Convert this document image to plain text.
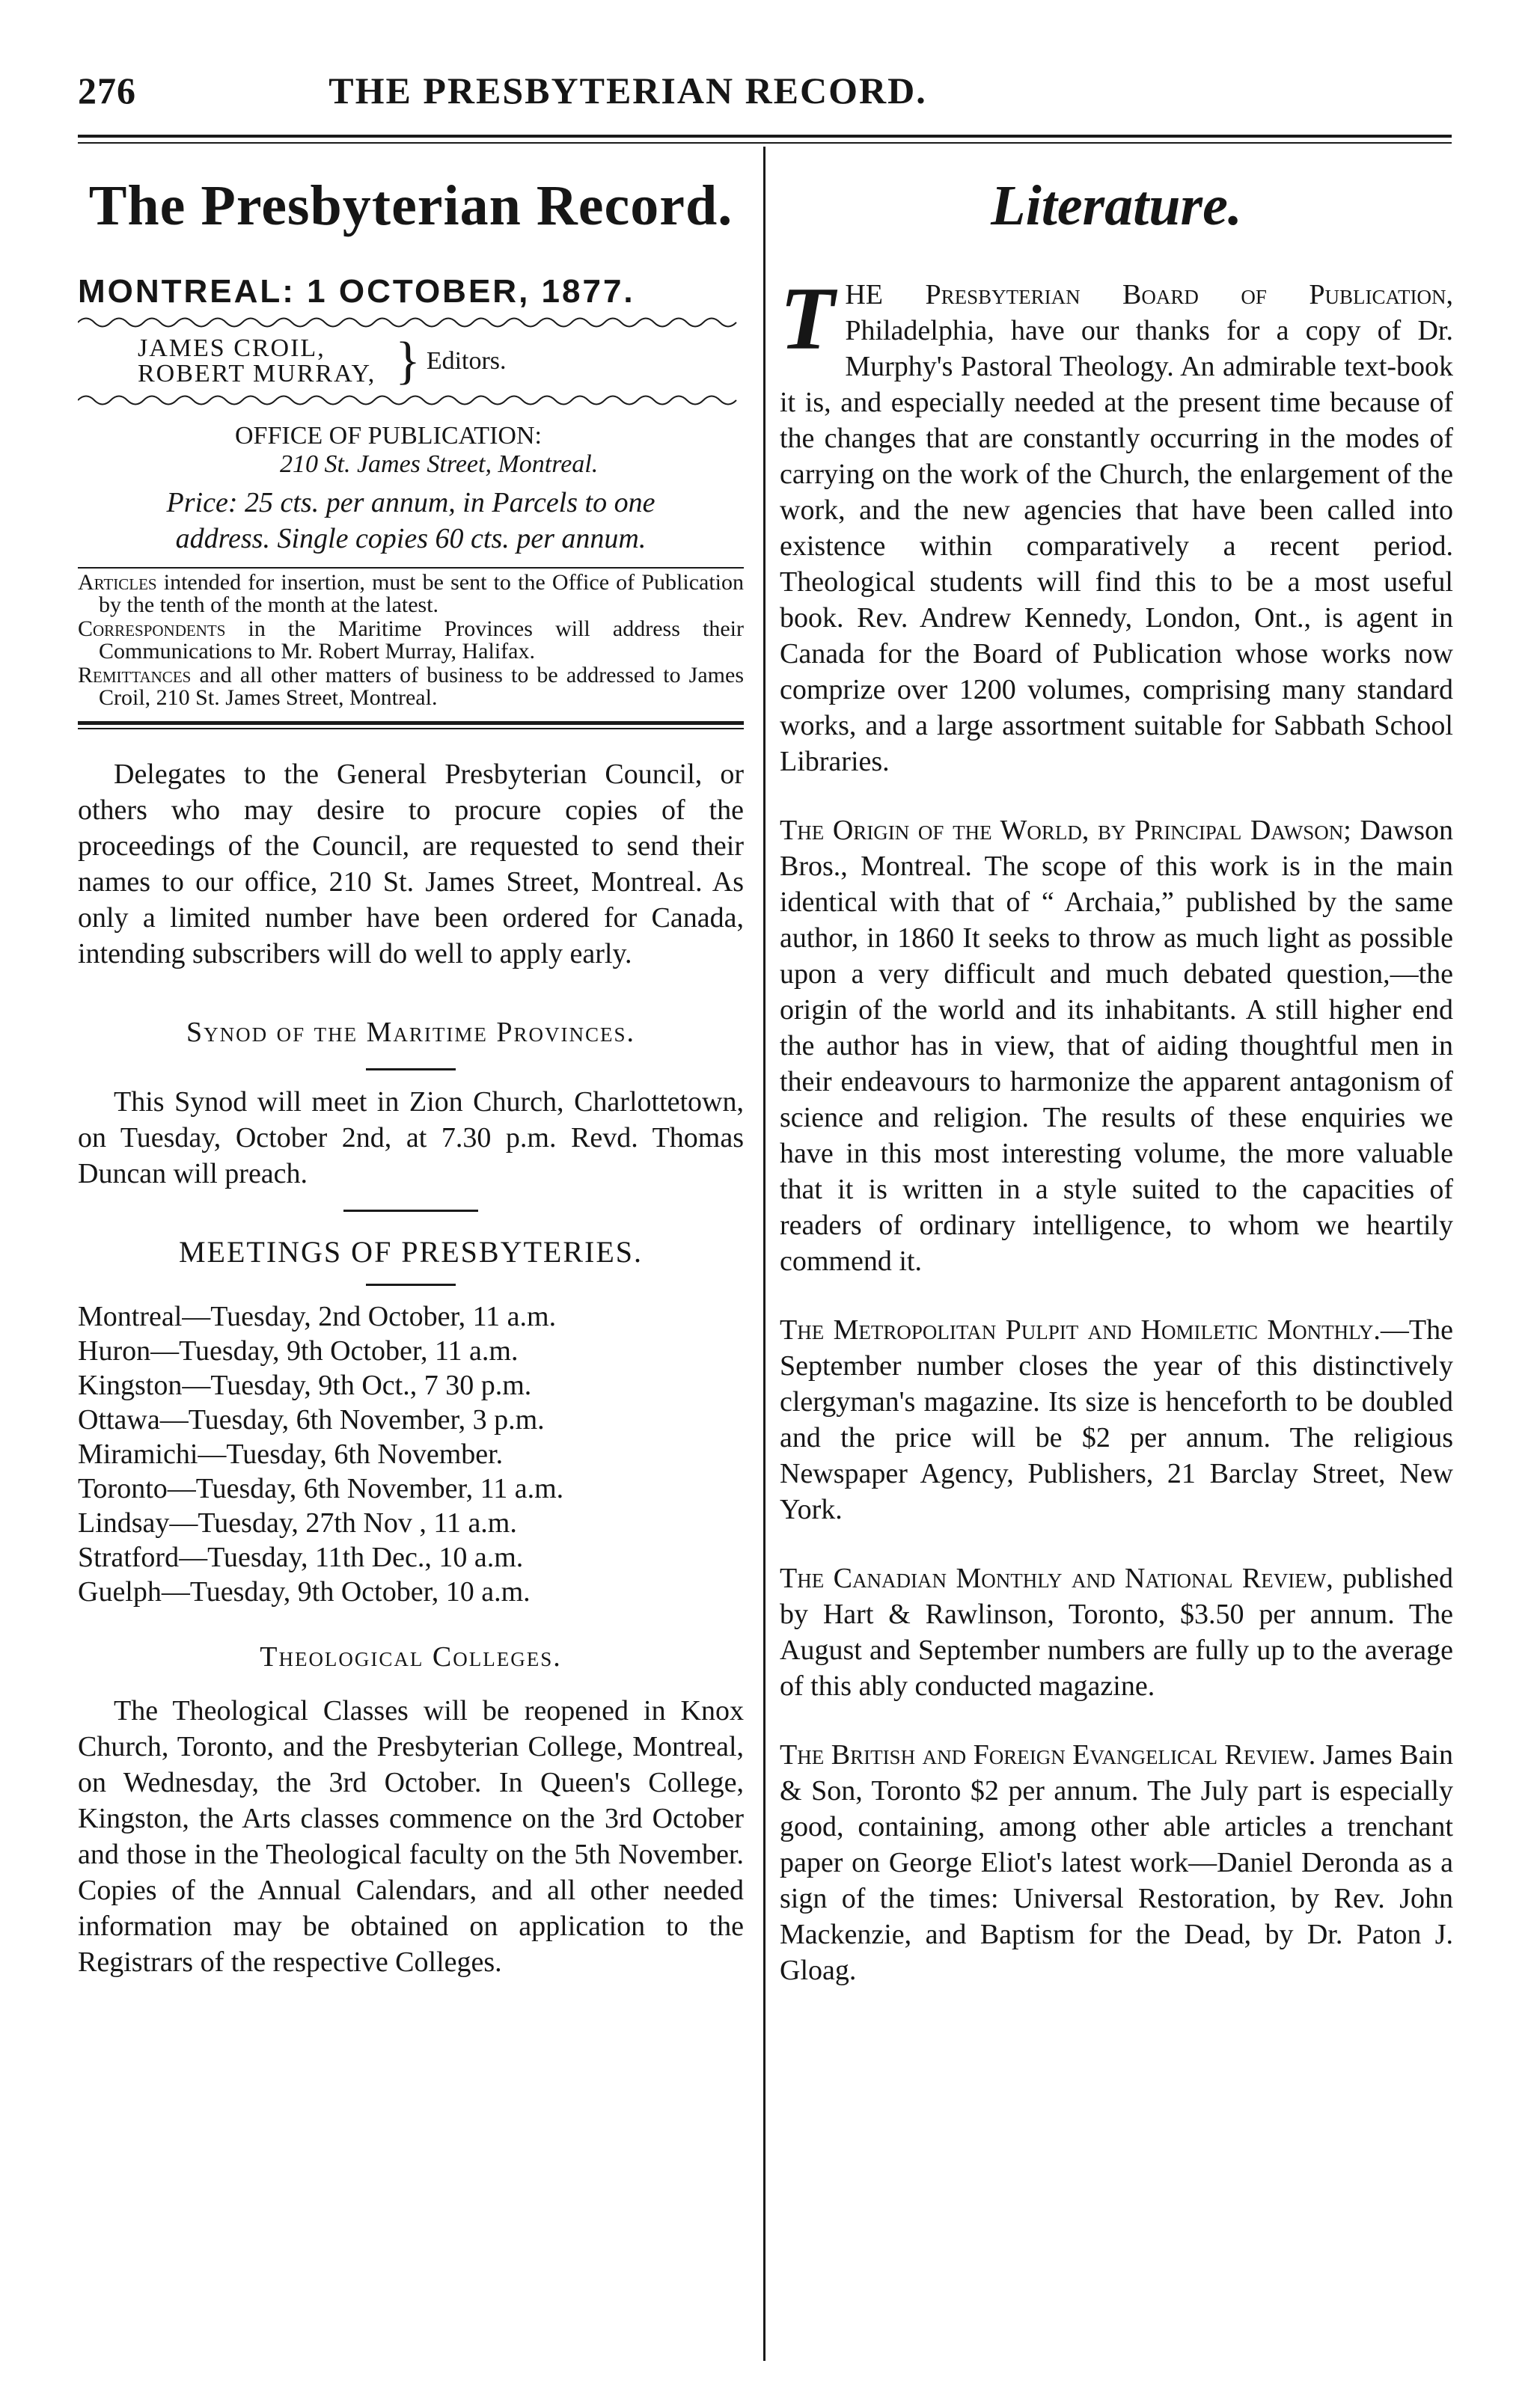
276	THE PRESBYTERIAN RECORD.
The Presbyterian Record.
MONTREAL: 1 OCTOBER, 1877.
JAMES CROIL,
ROBERT MURRAY, } Editors.
OFFICE OF PUBLICATION:
210 St. James Street, Montreal.
Price: 25 cts. per annum, in Parcels to one
address. Single copies 60 cts. per annum.

Articles intended for insertion, must be sent to the Office of Publication by the tenth of the month at the latest.

Correspondents in the Maritime Provinces will address their Communications to Mr. Robert Murray, Halifax.

Remittances and all other matters of business to be addressed to James Croil, 210 St. James Street, Montreal.

Delegates to the General Presbyterian Council, or others who may desire to procure copies of the proceedings of the Council, are requested to send their names to our office, 210 St. James Street, Montreal. As only a limited number have been ordered for Canada, intending subscribers will do well to apply early.

Synod of the Maritime Provinces.

This Synod will meet in Zion Church, Charlottetown, on Tuesday, October 2nd, at 7.30 p.m. Revd. Thomas Duncan will preach.

MEETINGS OF PRESBYTERIES.
Montreal—Tuesday, 2nd October, 11 a.m.
Huron—Tuesday, 9th October, 11 a.m.
Kingston—Tuesday, 9th Oct., 7 30 p.m.
Ottawa—Tuesday, 6th November, 3 p.m.
Miramichi—Tuesday, 6th November.
Toronto—Tuesday, 6th November, 11 a.m.
Lindsay—Tuesday, 27th Nov , 11 a.m.
Stratford—Tuesday, 11th Dec., 10 a.m.
Guelph—Tuesday, 9th October, 10 a.m.
Theological Colleges.

The Theological Classes will be reopened in Knox Church, Toronto, and the Presbyterian College, Montreal, on Wednesday, the 3rd October. In Queen's College, Kingston, the Arts classes commence on the 3rd October and those in the Theological faculty on the 5th November. Copies of the Annual Calendars, and all other needed information may be obtained on application to the Registrars of the respective Colleges.

Literature.
T HE Presbyterian Board of Publication, Philadelphia, have our thanks for a copy of Dr. Murphy's Pastoral Theology. An admirable text-book it is, and especially needed at the present time because of the changes that are constantly occurring in the modes of carrying on the work of the Church, the enlargement of the work, and the new agencies that have been called into existence within comparatively a recent period. Theological students will find this to be a most useful book. Rev. Andrew Kennedy, London, Ont., is agent in Canada for the Board of Publication whose works now comprize over 1200 volumes, comprising many standard works, and a large assortment suitable for Sabbath School Libraries.

The Origin of the World, by Principal Dawson; Dawson Bros., Montreal. The scope of this work is in the main identical with that of “ Archaia,” published by the same author, in 1860 It seeks to throw as much light as possible upon a very difficult and much debated question,—the origin of the world and its inhabitants. A still higher end the author has in view, that of aiding thoughtful men in their endeavours to harmonize the apparent antagonism of science and religion. The results of these enquiries we have in this most interesting volume, the more valuable that it is written in a style suited to the capacities of readers of ordinary intelligence, to whom we heartily commend it.

The Metropolitan Pulpit and Homiletic Monthly.—The September number closes the year of this distinctively clergyman's magazine. Its size is henceforth to be doubled and the price will be $2 per annum. The religious Newspaper Agency, Publishers, 21 Barclay Street, New York.

The Canadian Monthly and National Review, published by Hart & Rawlinson, Toronto, $3.50 per annum. The August and September numbers are fully up to the average of this ably conducted magazine.

The British and Foreign Evangelical Review. James Bain & Son, Toronto $2 per annum. The July part is especially good, containing, among other able articles a trenchant paper on George Eliot's latest work—Daniel Deronda as a sign of the times: Universal Restoration, by Rev. John Mackenzie, and Baptism for the Dead, by Dr. Paton J. Gloag.
